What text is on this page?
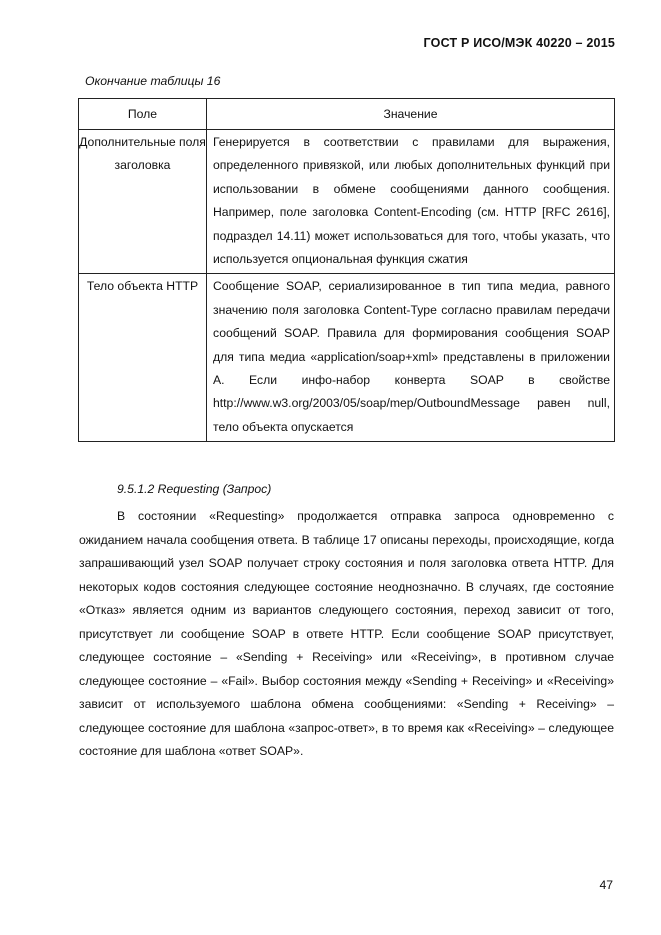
ГОСТ Р ИСО/МЭК 40220 – 2015
Окончание таблицы 16
Поле	Значение
Дополнительные поля заголовка	Генерируется в соответствии с правилами для выражения, определенного привязкой, или любых дополнительных функций при использовании в обмене сообщениями данного сообщения. Например, поле заголовка Content-Encoding (см. HTTP [RFC 2616], подраздел 14.11) может использоваться для того, чтобы указать, что используется опциональная функция сжатия
Тело объекта HTTP	Сообщение SOAP, сериализированное в тип типа медиа, равного значению поля заголовка Content-Type согласно правилам передачи сообщений SOAP. Правила для формирования сообщения SOAP для типа медиа «application/soap+xml» представлены в приложении А. Если инфо-набор конверта SOAP в свойстве http://www.w3.org/2003/05/soap/mep/OutboundMessage равен null, тело объекта опускается
9.5.1.2 Requesting (Запрос)

В состоянии «Requesting» продолжается отправка запроса одновременно с ожиданием начала сообщения ответа. В таблице 17 описаны переходы, происходящие, когда запрашивающий узел SOAP получает строку состояния и поля заголовка ответа HTTP. Для некоторых кодов состояния следующее состояние неоднозначно. В случаях, где состояние «Отказ» является одним из вариантов следующего состояния, переход зависит от того, присутствует ли сообщение SOAP в ответе HTTP. Если сообщение SOAP присутствует, следующее состояние – «Sending + Receiving» или «Receiving», в противном случае следующее состояние – «Fail». Выбор состояния между «Sending + Receiving» и «Receiving» зависит от используемого шаблона обмена сообщениями: «Sending + Receiving» – следующее состояние для шаблона «запрос-ответ», в то время как «Receiving» – следующее состояние для шаблона «ответ SOAP».

47
